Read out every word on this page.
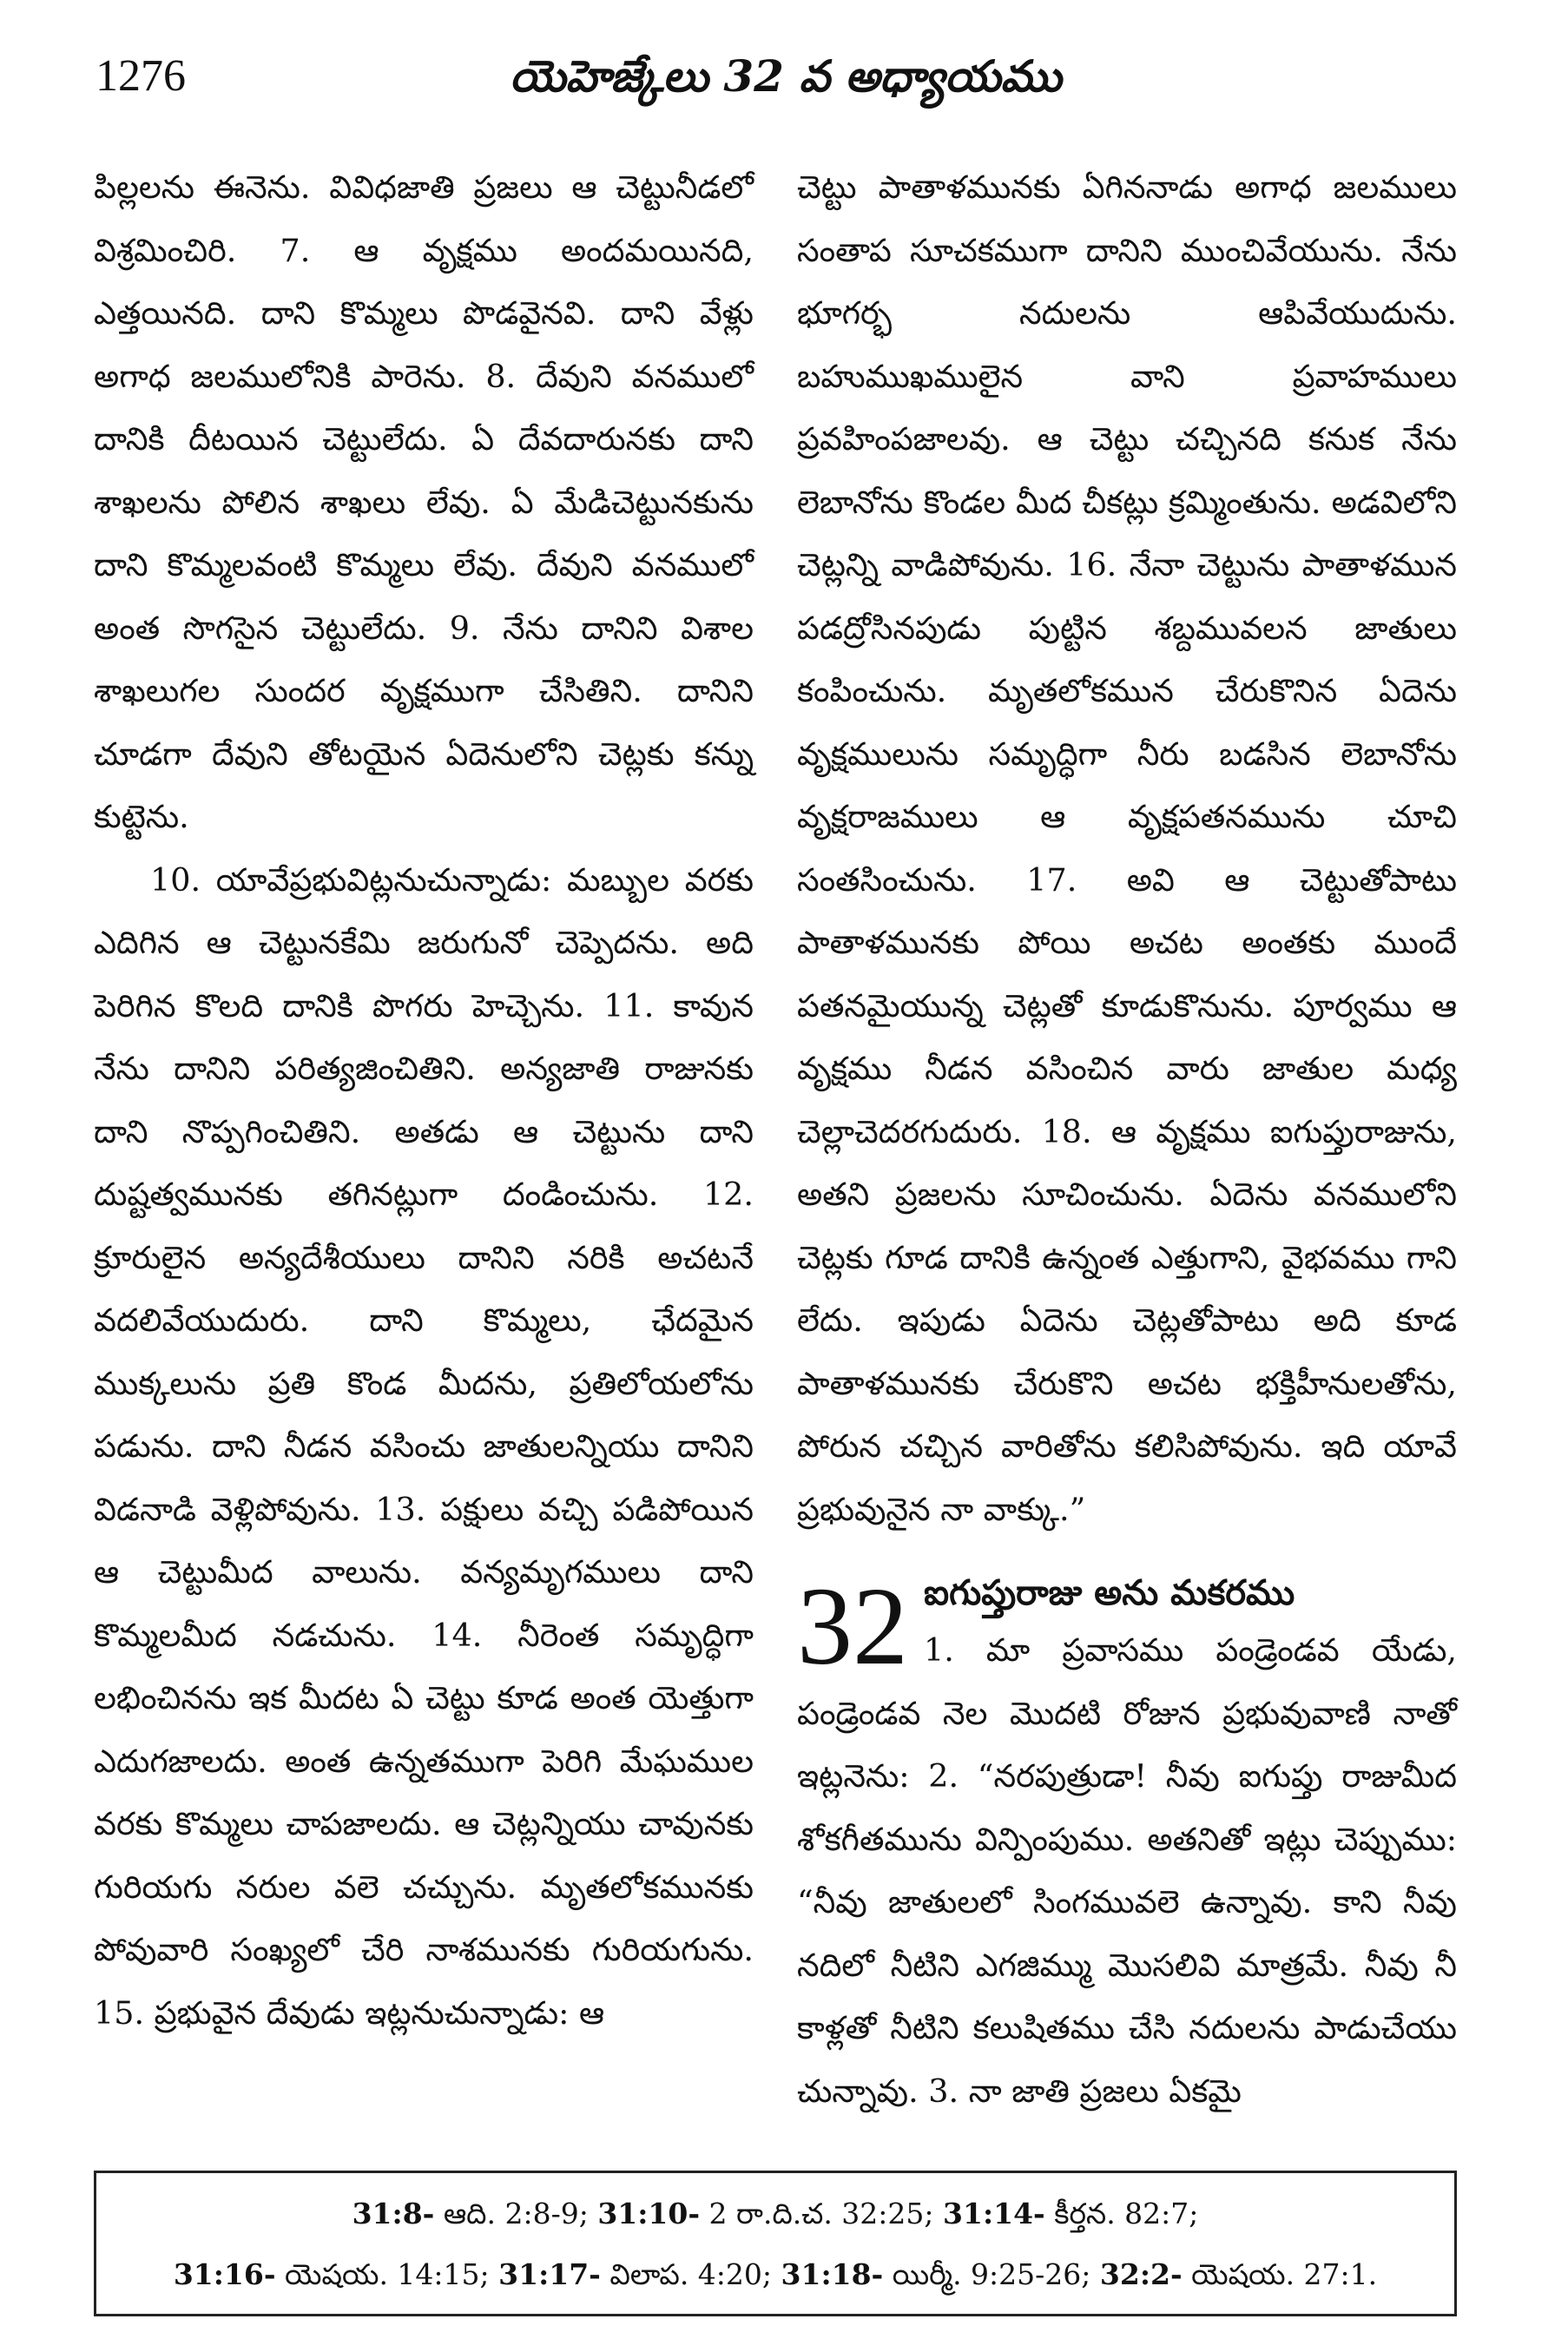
1276	యెహెజ్కేలు 32 వ అధ్యాయము

పిల్లలను ఈనెను. వివిధజాతి ప్రజలు ఆ చెట్టునీడలో విశ్రమించిరి. 7. ఆ వృక్షము అందమయినది, ఎత్తయినది. దాని కొమ్మలు పొడవైనవి. దాని వేళ్లు అగాధ జలములోనికి పారెను. 8. దేవుని వనములో దానికి దీటయిన చెట్టులేదు. ఏ దేవదారునకు దాని శాఖలను పోలిన శాఖలు లేవు. ఏ మేడిచెట్టునకును దాని కొమ్మలవంటి కొమ్మలు లేవు. దేవుని వనములో అంత సొగసైన చెట్టులేదు. 9. నేను దానిని విశాల శాఖలుగల సుందర వృక్షముగా చేసితిని. దానిని చూడగా దేవుని తోటయైన ఏదెనులోని చెట్లకు కన్ను కుట్టెను.

10. యావేప్రభువిట్లనుచున్నాడు: మబ్బుల వరకు ఎదిగిన ఆ చెట్టునకేమి జరుగునో చెప్పెదను. అది పెరిగిన కొలది దానికి పొగరు హెచ్చెను. 11. కావున నేను దానిని పరిత్యజించితిని. అన్యజాతి రాజునకు దాని నొప్పగించితిని. అతడు ఆ చెట్టును దాని దుష్టత్వమునకు తగినట్లుగా దండించును. 12. క్రూరులైన అన్యదేశీయులు దానిని నరికి అచటనే వదలివేయుదురు. దాని కొమ్మలు, ఛేదమైన ముక్కలును ప్రతి కొండ మీదను, ప్రతిలోయలోను పడును. దాని నీడన వసించు జాతులన్నియు దానిని విడనాడి వెళ్లిపోవును. 13. పక్షులు వచ్చి పడిపోయిన ఆ చెట్టుమీద వాలును. వన్యమృగములు దాని కొమ్మలమీద నడచును. 14. నీరెంత సమృద్ధిగా లభించినను ఇక మీదట ఏ చెట్టు కూడ అంత యెత్తుగా ఎదుగజాలదు. అంత ఉన్నతముగా పెరిగి మేఘముల వరకు కొమ్మలు చాపజాలదు. ఆ చెట్లన్నియు చావునకు గురియగు నరుల వలె చచ్చును. మృతలోకమునకు పోవువారి సంఖ్యలో చేరి నాశమునకు గురియగును. 15. ప్రభువైన దేవుడు ఇట్లనుచున్నాడు: ఆ

చెట్టు పాతాళమునకు ఏగిననాడు అగాధ జలములు సంతాప సూచకముగా దానిని ముంచివేయును. నేను భూగర్భ నదులను ఆపివేయుదును. బహుముఖములైన వాని ప్రవాహములు ప్రవహింపజాలవు. ఆ చెట్టు చచ్చినది కనుక నేను లెబానోను కొండల మీద చీకట్లు క్రమ్మింతును. అడవిలోని చెట్లన్ని వాడిపోవును. 16. నేనా చెట్టును పాతాళమున పడద్రోసినపుడు పుట్టిన శబ్దమువలన జాతులు కంపించును. మృతలోకమున చేరుకొనిన ఏదెను వృక్షములును సమృద్ధిగా నీరు బడసిన లెబానోను వృక్షరాజములు ఆ వృక్షపతనమును చూచి సంతసించును. 17. అవి ఆ చెట్టుతోపాటు పాతాళమునకు పోయి అచట అంతకు ముందే పతనమైయున్న చెట్లతో కూడుకొనును. పూర్వము ఆ వృక్షము నీడన వసించిన వారు జాతుల మధ్య చెల్లాచెదరగుదురు. 18. ఆ వృక్షము ఐగుప్తురాజును, అతని ప్రజలను సూచించును. ఏదెను వనములోని చెట్లకు గూడ దానికి ఉన్నంత ఎత్తుగాని, వైభవము గాని లేదు. ఇపుడు ఏదెను చెట్లతోపాటు అది కూడ పాతాళమునకు చేరుకొని అచట భక్తిహీనులతోను, పోరున చచ్చిన వారితోను కలిసిపోవును. ఇది యావే ప్రభువునైన నా వాక్కు.”

32 ఐగుప్తురాజు అను మకరము

1. మా ప్రవాసము పండ్రెండవ యేడు, పండ్రెండవ నెల మొదటి రోజున ప్రభువువాణి నాతో ఇట్లనెను: 2. “నరపుత్రుడా! నీవు ఐగుప్తు రాజుమీద శోకగీతమును విన్పింపుము. అతనితో ఇట్లు చెప్పుము: “నీవు జాతులలో సింగమువలె ఉన్నావు. కాని నీవు నదిలో నీటిని ఎగజిమ్ము మొసలివి మాత్రమే. నీవు నీ కాళ్లతో నీటిని కలుషితము చేసి నదులను పాడుచేయు చున్నావు. 3. నా జాతి ప్రజలు ఏకమై

31:8- ఆది. 2:8-9; 31:10- 2 రా.ది.చ. 32:25; 31:14- కీర్తన. 82:7;
31:16- యెషయ. 14:15; 31:17- విలాప. 4:20; 31:18- యిర్మీ. 9:25-26; 32:2- యెషయ. 27:1.
